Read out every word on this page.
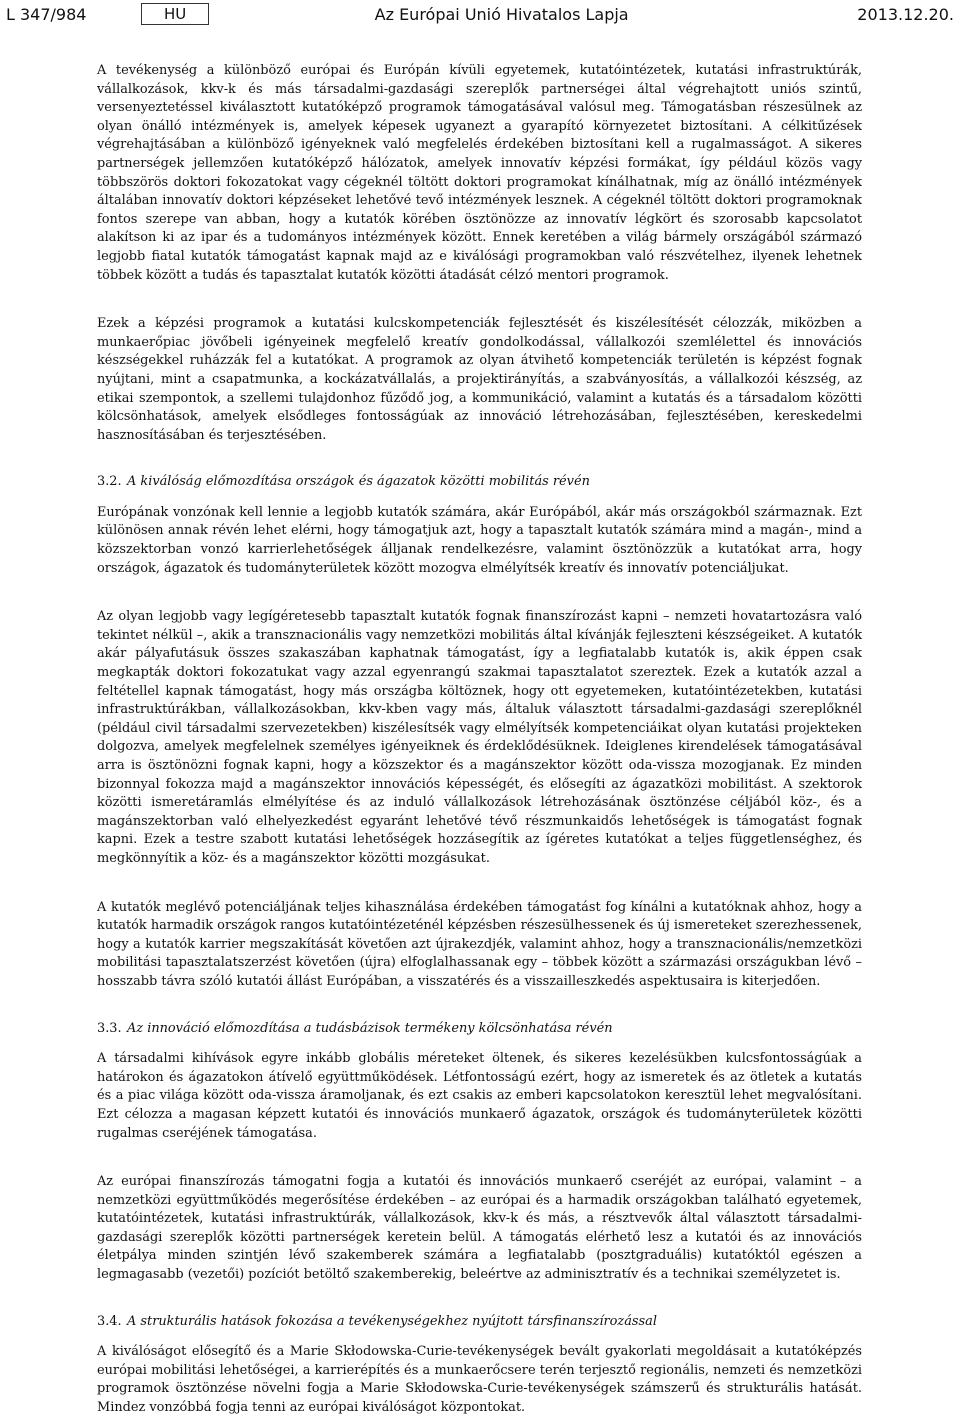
L 347/984	HU	Az Európai Unió Hivatalos Lapja	2013.12.20.

A tevékenység a különböző európai és Európán kívüli egyetemek, kutatóintézetek, kutatási infrastruktúrák, vállalkozások, kkv-k és más társadalmi-gazdasági szereplők partnerségei által végrehajtott uniós szintű, versenyeztetéssel kiválasztott kutatóképző programok támogatásával valósul meg. Támogatásban részesülnek az olyan önálló intézmények is, amelyek képesek ugyanezt a gyarapító környezetet biztosítani. A célkitűzések végrehajtásában a különböző igényeknek való megfelelés érdekében biztosítani kell a rugalmasságot. A sikeres partnerségek jellemzően kutatóképző hálózatok, amelyek innovatív képzési formákat, így például közös vagy többszörös doktori fokozatokat vagy cégeknél töltött doktori programokat kínálhatnak, míg az önálló intézmények általában innovatív doktori képzéseket lehetővé tevő intézmények lesznek. A cégeknél töltött doktori programoknak fontos szerepe van abban, hogy a kutatók körében ösztönözze az innovatív légkört és szorosabb kapcsolatot alakítson ki az ipar és a tudományos intézmények között. Ennek keretében a világ bármely országából származó legjobb fiatal kutatók támogatást kapnak majd az e kiválósági programokban való részvételhez, ilyenek lehetnek többek között a tudás és tapasztalat kutatók közötti átadását célzó mentori programok.

Ezek a képzési programok a kutatási kulcskompetenciák fejlesztését és kiszélesítését célozzák, miközben a munkaerőpiac jövőbeli igényeinek megfelelő kreatív gondolkodással, vállalkozói szemlélettel és innovációs készségekkel ruházzák fel a kutatókat. A programok az olyan átvihető kompetenciák területén is képzést fognak nyújtani, mint a csapatmunka, a kockázatvállalás, a projektirányítás, a szabványosítás, a vállalkozói készség, az etikai szempontok, a szellemi tulajdonhoz fűződő jog, a kommunikáció, valamint a kutatás és a társadalom közötti kölcsönhatások, amelyek elsődleges fontosságúak az innováció létrehozásában, fejlesztésében, kereskedelmi hasznosításában és terjesztésében.

3.2. A kiválóság előmozdítása országok és ágazatok közötti mobilitás révén

Európának vonzónak kell lennie a legjobb kutatók számára, akár Európából, akár más országokból származnak. Ezt különösen annak révén lehet elérni, hogy támogatjuk azt, hogy a tapasztalt kutatók számára mind a magán-, mind a közszektorban vonzó karrierlehetőségek álljanak rendelkezésre, valamint ösztönözzük a kutatókat arra, hogy országok, ágazatok és tudományterületek között mozogva elmélyítsék kreatív és innovatív potenciáljukat.

Az olyan legjobb vagy legígéretesebb tapasztalt kutatók fognak finanszírozást kapni – nemzeti hovatartozásra való tekintet nélkül –, akik a transznacionális vagy nemzetközi mobilitás által kívánják fejleszteni készségeiket. A kutatók akár pályafutásuk összes szakaszában kaphatnak támogatást, így a legfiatalabb kutatók is, akik éppen csak megkapták doktori fokozatukat vagy azzal egyenrangú szakmai tapasztalatot szereztek. Ezek a kutatók azzal a feltétellel kapnak támogatást, hogy más országba költöznek, hogy ott egyetemeken, kutatóintézetekben, kutatási infrastruktúrákban, vállalkozásokban, kkv-kben vagy más, általuk választott társadalmi-gazdasági szereplőknél (például civil társadalmi szervezetekben) kiszélesítsék vagy elmélyítsék kompetenciáikat olyan kutatási projekteken dolgozva, amelyek megfelelnek személyes igényeiknek és érdeklődésüknek. Ideiglenes kirendelések támogatásával arra is ösztönözni fognak kapni, hogy a közszektor és a magánszektor között oda-vissza mozogjanak. Ez minden bizonnyal fokozza majd a magánszektor innovációs képességét, és elősegíti az ágazatközi mobilitást. A szektorok közötti ismeretáramlás elmélyítése és az induló vállalkozások létrehozásának ösztönzése céljából köz-, és a magánszektorban való elhelyezkedést egyaránt lehetővé tévő részmunkaidős lehetőségek is támogatást fognak kapni. Ezek a testre szabott kutatási lehetőségek hozzásegítik az ígéretes kutatókat a teljes függetlenséghez, és megkönnyítik a köz- és a magánszektor közötti mozgásukat.

A kutatók meglévő potenciáljának teljes kihasználása érdekében támogatást fog kínálni a kutatóknak ahhoz, hogy a kutatók harmadik országok rangos kutatóintézeténél képzésben részesülhessenek és új ismereteket szerezhessenek, hogy a kutatók karrier megszakítását követően azt újrakezdjék, valamint ahhoz, hogy a transznacionális/nemzetközi mobilitási tapasztalatszerzést követően (újra) elfoglalhassanak egy – többek között a származási országukban lévő – hosszabb távra szóló kutatói állást Európában, a visszatérés és a visszailleszkedés aspektusaira is kiterjedően.

3.3. Az innováció előmozdítása a tudásbázisok termékeny kölcsönhatása révén

A társadalmi kihívások egyre inkább globális méreteket öltenek, és sikeres kezelésükben kulcsfontosságúak a határokon és ágazatokon átívelő együttműködések. Létfontosságú ezért, hogy az ismeretek és az ötletek a kutatás és a piac világa között oda-vissza áramoljanak, és ezt csakis az emberi kapcsolatokon keresztül lehet megvalósítani. Ezt célozza a magasan képzett kutatói és innovációs munkaerő ágazatok, országok és tudományterületek közötti rugalmas cseréjének támogatása.

Az európai finanszírozás támogatni fogja a kutatói és innovációs munkaerő cseréjét az európai, valamint – a nemzetközi együttműködés megerősítése érdekében – az európai és a harmadik országokban található egyetemek, kutatóintézetek, kutatási infrastruktúrák, vállalkozások, kkv-k és más, a résztvevők által választott társadalmi-gazdasági szereplők közötti partnerségek keretein belül. A támogatás elérhető lesz a kutatói és az innovációs életpálya minden szintjén lévő szakemberek számára a legfiatalabb (posztgraduális) kutatóktól egészen a legmagasabb (vezetői) pozíciót betöltő szakemberekig, beleértve az adminisztratív és a technikai személyzetet is.

3.4. A strukturális hatások fokozása a tevékenységekhez nyújtott társfinanszírozással

A kiválóságot elősegítő és a Marie Skłodowska-Curie-tevékenységek bevált gyakorlati megoldásait a kutatóképzés európai mobilitási lehetőségei, a karrierépítés és a munkaerőcsere terén terjesztő regionális, nemzeti és nemzetközi programok ösztönzése növelni fogja a Marie Skłodowska-Curie-tevékenységek számszerű és strukturális hatását. Mindez vonzóbbá fogja tenni az európai kiválóságot központokat.
